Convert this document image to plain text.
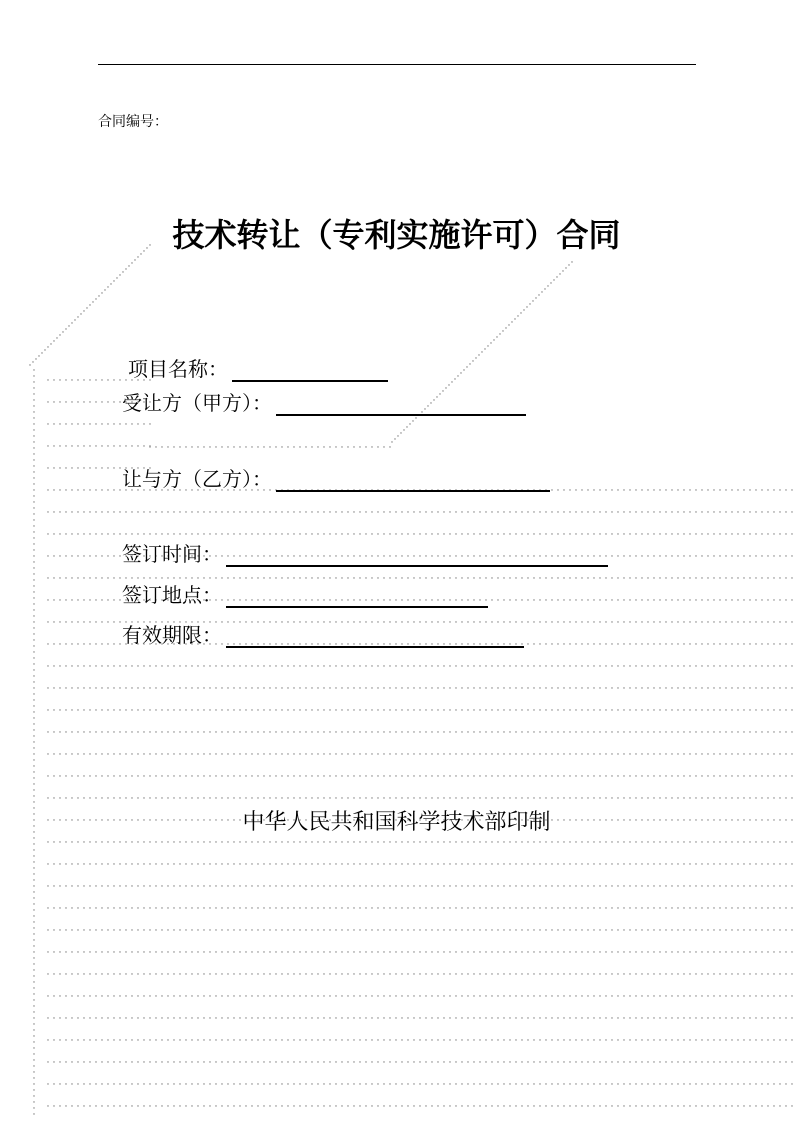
合同编号：
技术转让（专利实施许可）合同
项目名称：
受让方（甲方）：
让与方（乙方）：
签订时间：
签订地点：
有效期限：
中华人民共和国科学技术部印制
